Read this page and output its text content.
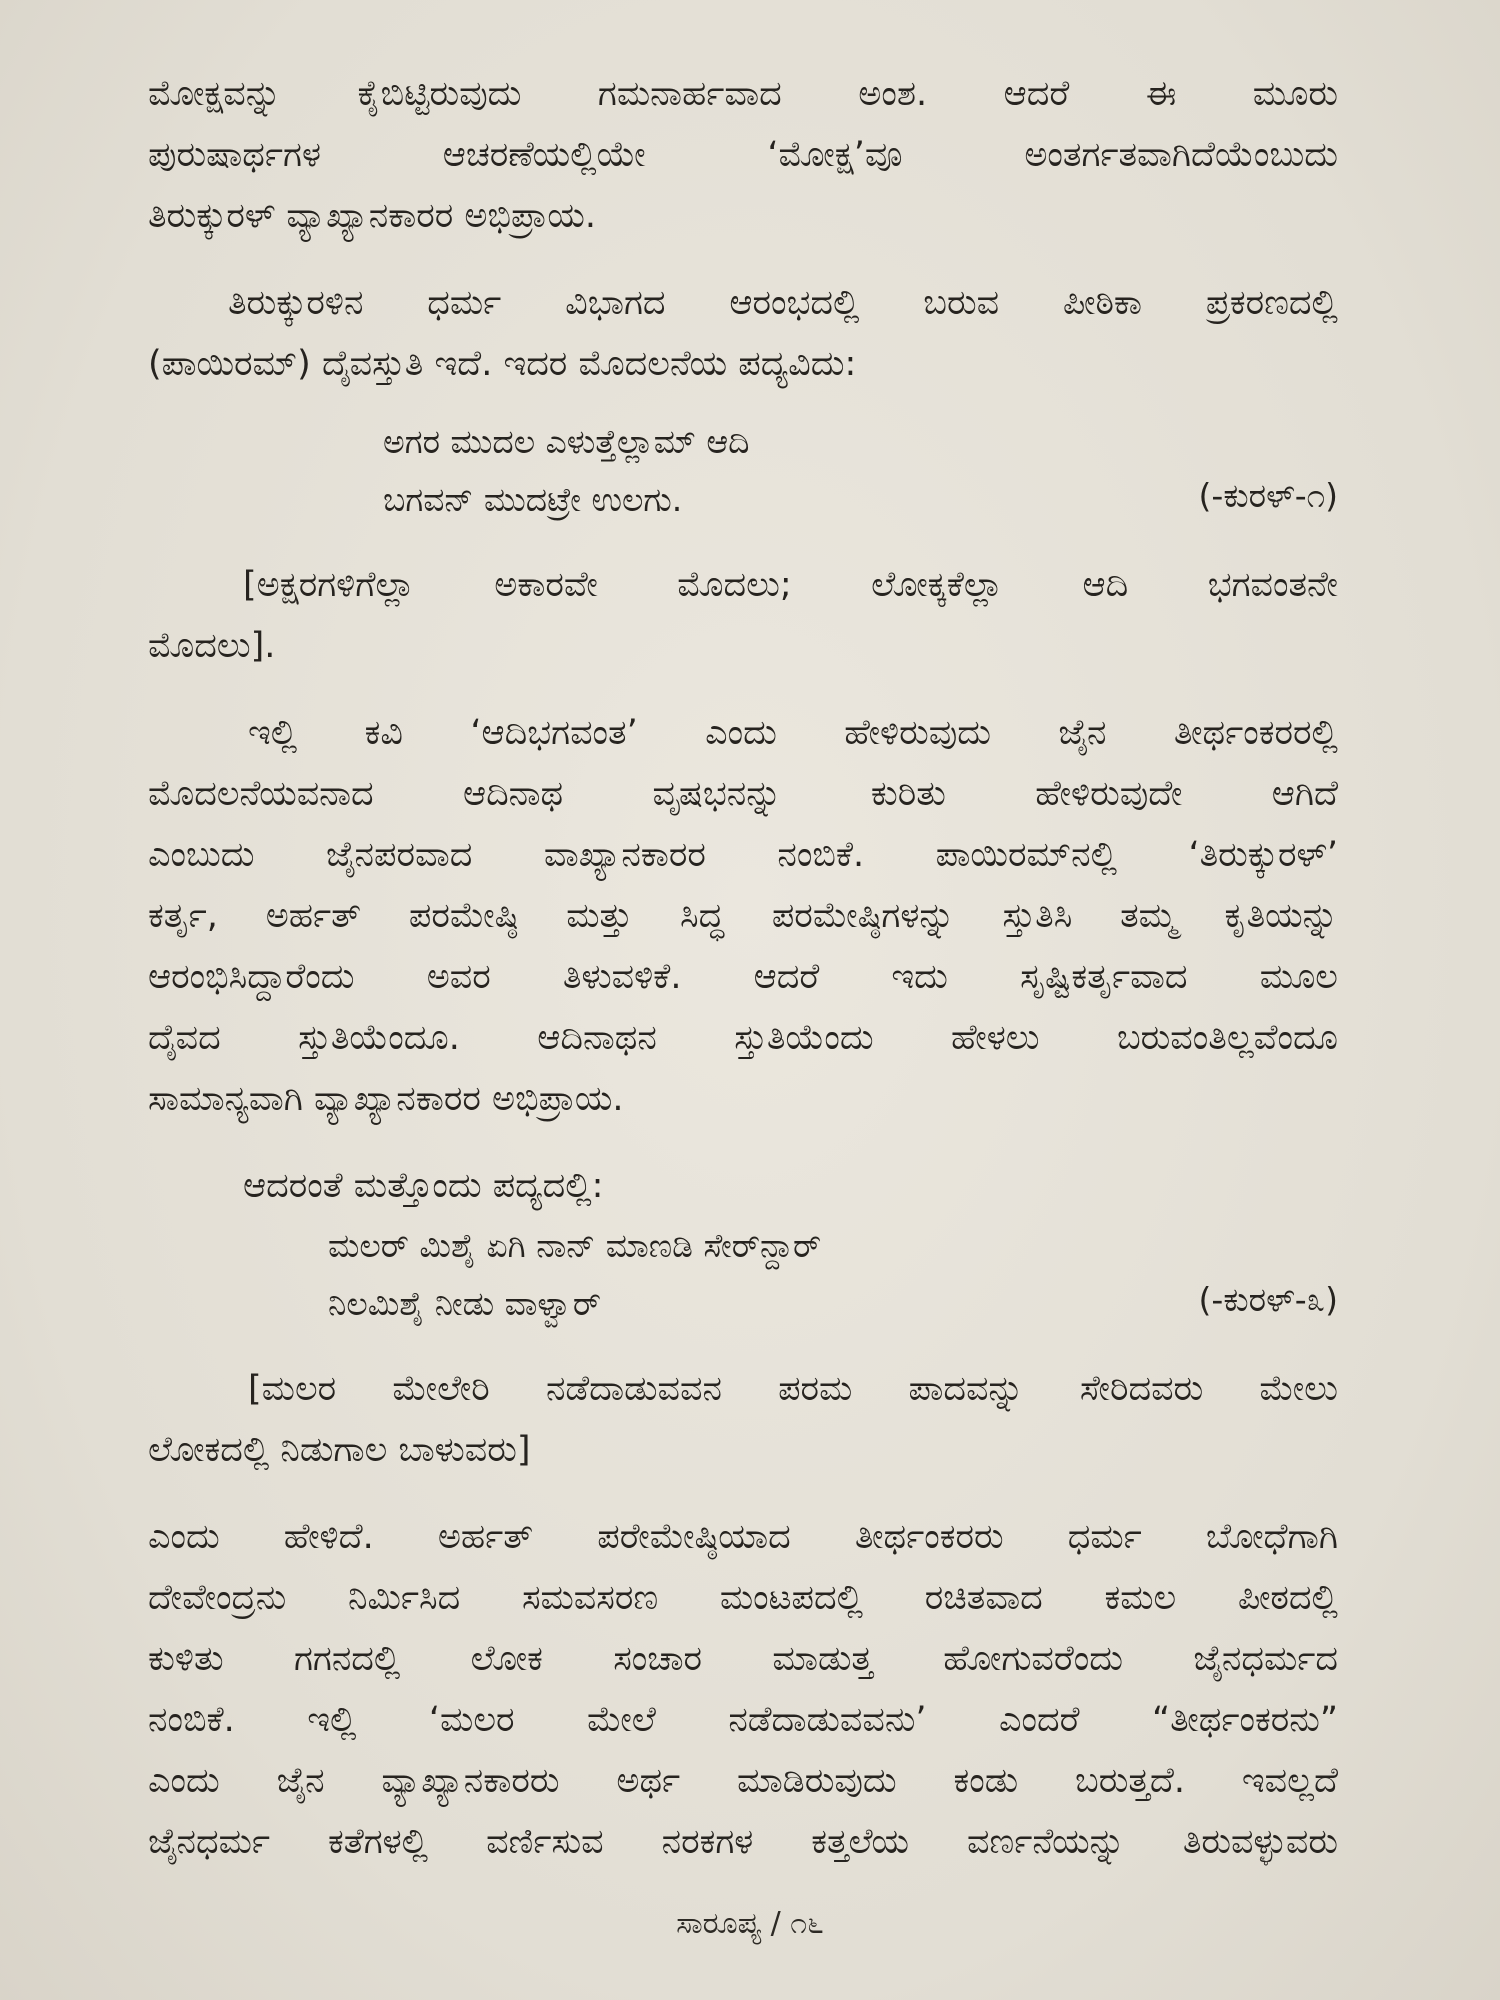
ಮೋಕ್ಷವನ್ನು ಕೈಬಿಟ್ಟಿರುವುದು ಗಮನಾರ್ಹವಾದ ಅಂಶ. ಆದರೆ ಈ ಮೂರು
ಪುರುಷಾರ್ಥಗಳ ಆಚರಣೆಯಲ್ಲಿಯೇ ‘ಮೋಕ್ಷ’ವೂ ಅಂತರ್ಗತವಾಗಿದೆಯೆಂಬುದು
ತಿರುಕ್ಕುರಳ್ ವ್ಯಾಖ್ಯಾನಕಾರರ ಅಭಿಪ್ರಾಯ.

ತಿರುಕ್ಕುರಳಿನ ಧರ್ಮ ವಿಭಾಗದ ಆರಂಭದಲ್ಲಿ ಬರುವ ಪೀಠಿಕಾ ಪ್ರಕರಣದಲ್ಲಿ
(ಪಾಯಿರಮ್) ದೈವಸ್ತುತಿ ಇದೆ. ಇದರ ಮೊದಲನೆಯ ಪದ್ಯವಿದು:

ಅಗರ ಮುದಲ ಎಳುತ್ತೆಲ್ಲಾಮ್ ಆದಿ
ಬಗವನ್ ಮುದಟ್ರೇ ಉಲಗು.	(-ಕುರಳ್-೧)

[ಅಕ್ಷರಗಳಿಗೆಲ್ಲಾ ಅಕಾರವೇ ಮೊದಲು; ಲೋಕ್ಕಕೆಲ್ಲಾ ಆದಿ ಭಗವಂತನೇ
ಮೊದಲು].

ಇಲ್ಲಿ ಕವಿ ‘ಆದಿಭಗವಂತ’ ಎಂದು ಹೇಳಿರುವುದು ಜೈನ ತೀರ್ಥಂಕರರಲ್ಲಿ
ಮೊದಲನೆಯವನಾದ ಆದಿನಾಥ ವೃಷಭನನ್ನು ಕುರಿತು ಹೇಳಿರುವುದೇ ಆಗಿದೆ
ಎಂಬುದು ಜೈನಪರವಾದ ವಾಖ್ಯಾನಕಾರರ ನಂಬಿಕೆ. ಪಾಯಿರಮ್‌ನಲ್ಲಿ ‘ತಿರುಕ್ಕುರಳ್’
ಕರ್ತೃ, ಅರ್ಹತ್ ಪರಮೇಷ್ಠಿ ಮತ್ತು ಸಿದ್ಧ ಪರಮೇಷ್ಠಿಗಳನ್ನು ಸ್ತುತಿಸಿ ತಮ್ಮ ಕೃತಿಯನ್ನು
ಆರಂಭಿಸಿದ್ದಾರೆಂದು ಅವರ ತಿಳುವಳಿಕೆ. ಆದರೆ ಇದು ಸೃಷ್ಟಿಕರ್ತೃವಾದ ಮೂಲ
ದೈವದ ಸ್ತುತಿಯೆಂದೂ. ಆದಿನಾಥನ ಸ್ತುತಿಯೆಂದು ಹೇಳಲು ಬರುವಂತಿಲ್ಲವೆಂದೂ
ಸಾಮಾನ್ಯವಾಗಿ ವ್ಯಾಖ್ಯಾನಕಾರರ ಅಭಿಪ್ರಾಯ.

ಆದರಂತೆ ಮತ್ತೊಂದು ಪದ್ಯದಲ್ಲಿ:

ಮಲರ್ ಮಿಶೈ ಏಗಿ ನಾನ್ ಮಾಣಡಿ ಸೇರ್‌ನ್ದಾರ್
ನಿಲಮಿಶೈ ನೀಡು ವಾಳ್ವಾರ್	(-ಕುರಳ್-೩)

[ಮಲರ ಮೇಲೇರಿ ನಡೆದಾಡುವವನ ಪರಮ ಪಾದವನ್ನು ಸೇರಿದವರು ಮೇಲು
ಲೋಕದಲ್ಲಿ ನಿಡುಗಾಲ ಬಾಳುವರು]

ಎಂದು ಹೇಳಿದೆ. ಅರ್ಹತ್ ಪರೇಮೇಷ್ಠಿಯಾದ ತೀರ್ಥಂಕರರು ಧರ್ಮ ಬೋಧೆಗಾಗಿ
ದೇವೇಂದ್ರನು ನಿರ್ಮಿಸಿದ ಸಮವಸರಣ ಮಂಟಪದಲ್ಲಿ ರಚಿತವಾದ ಕಮಲ ಪೀಠದಲ್ಲಿ
ಕುಳಿತು ಗಗನದಲ್ಲಿ ಲೋಕ ಸಂಚಾರ ಮಾಡುತ್ತ ಹೋಗುವರೆಂದು ಜೈನಧರ್ಮದ
ನಂಬಿಕೆ. ಇಲ್ಲಿ ‘ಮಲರ ಮೇಲೆ ನಡೆದಾಡುವವನು’ ಎಂದರೆ “ತೀರ್ಥಂಕರನು”
ಎಂದು ಜೈನ ವ್ಯಾಖ್ಯಾನಕಾರರು ಅರ್ಥ ಮಾಡಿರುವುದು ಕಂಡು ಬರುತ್ತದೆ. ಇವಲ್ಲದೆ
ಜೈನಧರ್ಮ ಕತೆಗಳಲ್ಲಿ ವರ್ಣಿಸುವ ನರಕಗಳ ಕತ್ತಲೆಯ ವರ್ಣನೆಯನ್ನು ತಿರುವಳ್ಳುವರು

ಸಾರೂಪ್ಯ / ೧೬
